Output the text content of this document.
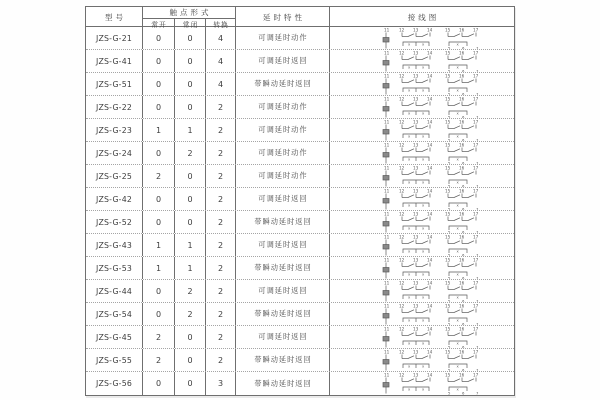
型号	触点形式
常开	常闭	转换
延时特性	接线图
JZS-G-21	0	0	4	可调延时动作
11 12 13 14	15 16 17
x	x	x
5	6	7
JZS-G-41	0	0	4	可调延时返回
11 12 13 14	15 16 17
x	x	x
5	6	7
JZS-G-51	0	0	4	带瞬动延时返回
11 12 13 14	15 16 17
x	x	x
5	6	7
JZS-G-22	0	0	2	可调延时动作
11 12 13 14	15 16 17
x	x	x
5	6	7
JZS-G-23	1	1	2	可调延时动作
11 12 13 14	15 16 17
x	x	x
5	6	7
JZS-G-24	0	2	2	可调延时动作
11 12 13 14	15 16 17
x	x	x
5	6	7
JZS-G-25	2	0	2	可调延时动作
11 12 13 14	15 16 17
x	x	x
5	6	7
JZS-G-42	0	0	2	可调延时返回
11 12 13 14	15 16 17
x	x	x
5	6	7
JZS-G-52	0	0	2	带瞬动延时返回
11 12 13 14	15 16 17
x	x	x
5	6	7
JZS-G-43	1	1	2	可调延时返回
11 12 13 14	15 16 17
x	x	x
5	6	7
JZS-G-53	1	1	2	带瞬动延时返回
11 12 13 14	15 16 17
x	x	x
5	6	7
JZS-G-44	0	2	2	可调延时返回
11 12 13 14	15 16 17
x	x	x
5	6	7
JZS-G-54	0	2	2	带瞬动延时返回
11 12 13 14	15 16 17
x	x	x
5	6	7
JZS-G-45	2	0	2	可调延时返回
11 12 13 14	15 16 17
x	x	x
5	6	7
JZS-G-55	2	0	2	带瞬动延时返回
11 12 13 14	15 16 17
x	x	x
5	6	7
JZS-G-56	0	0	3	带瞬动延时返回
11 12 13 14	15 16 17
x	x	x
5	6	7
